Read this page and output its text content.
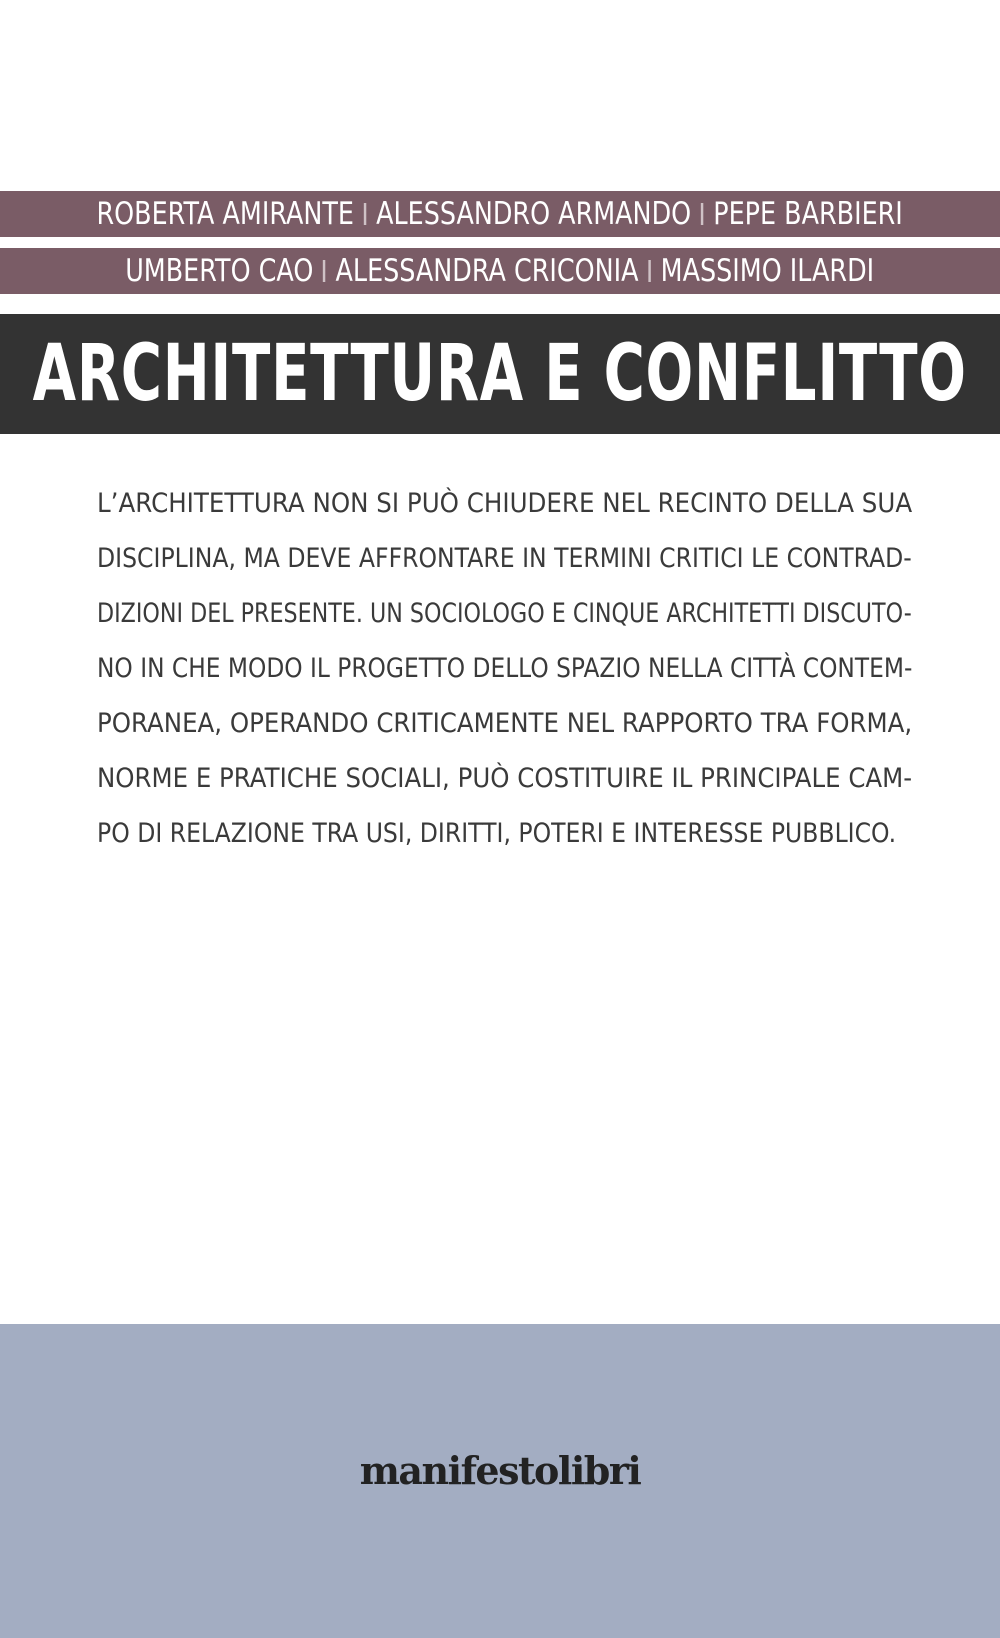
ROBERTA AMIRANTE ALESSANDRO ARMANDO PEPE BARBIERI
UMBERTO CAO ALESSANDRA CRICONIA MASSIMO ILARDI
ARCHITETTURA E CONFLITTO
L’ARCHITETTURA NON SI PUÒ CHIUDERE NEL RECINTO DELLA SUA
DISCIPLINA, MA DEVE AFFRONTARE IN TERMINI CRITICI LE CONTRAD-
DIZIONI DEL PRESENTE. UN SOCIOLOGO E CINQUE ARCHITETTI DISCUTO-
NO IN CHE MODO IL PROGETTO DELLO SPAZIO NELLA CITTÀ CONTEM-
PORANEA, OPERANDO CRITICAMENTE NEL RAPPORTO TRA FORMA,
NORME E PRATICHE SOCIALI, PUÒ COSTITUIRE IL PRINCIPALE CAM-
PO DI RELAZIONE TRA USI, DIRITTI, POTERI E INTERESSE PUBBLICO.
manifestolibri
